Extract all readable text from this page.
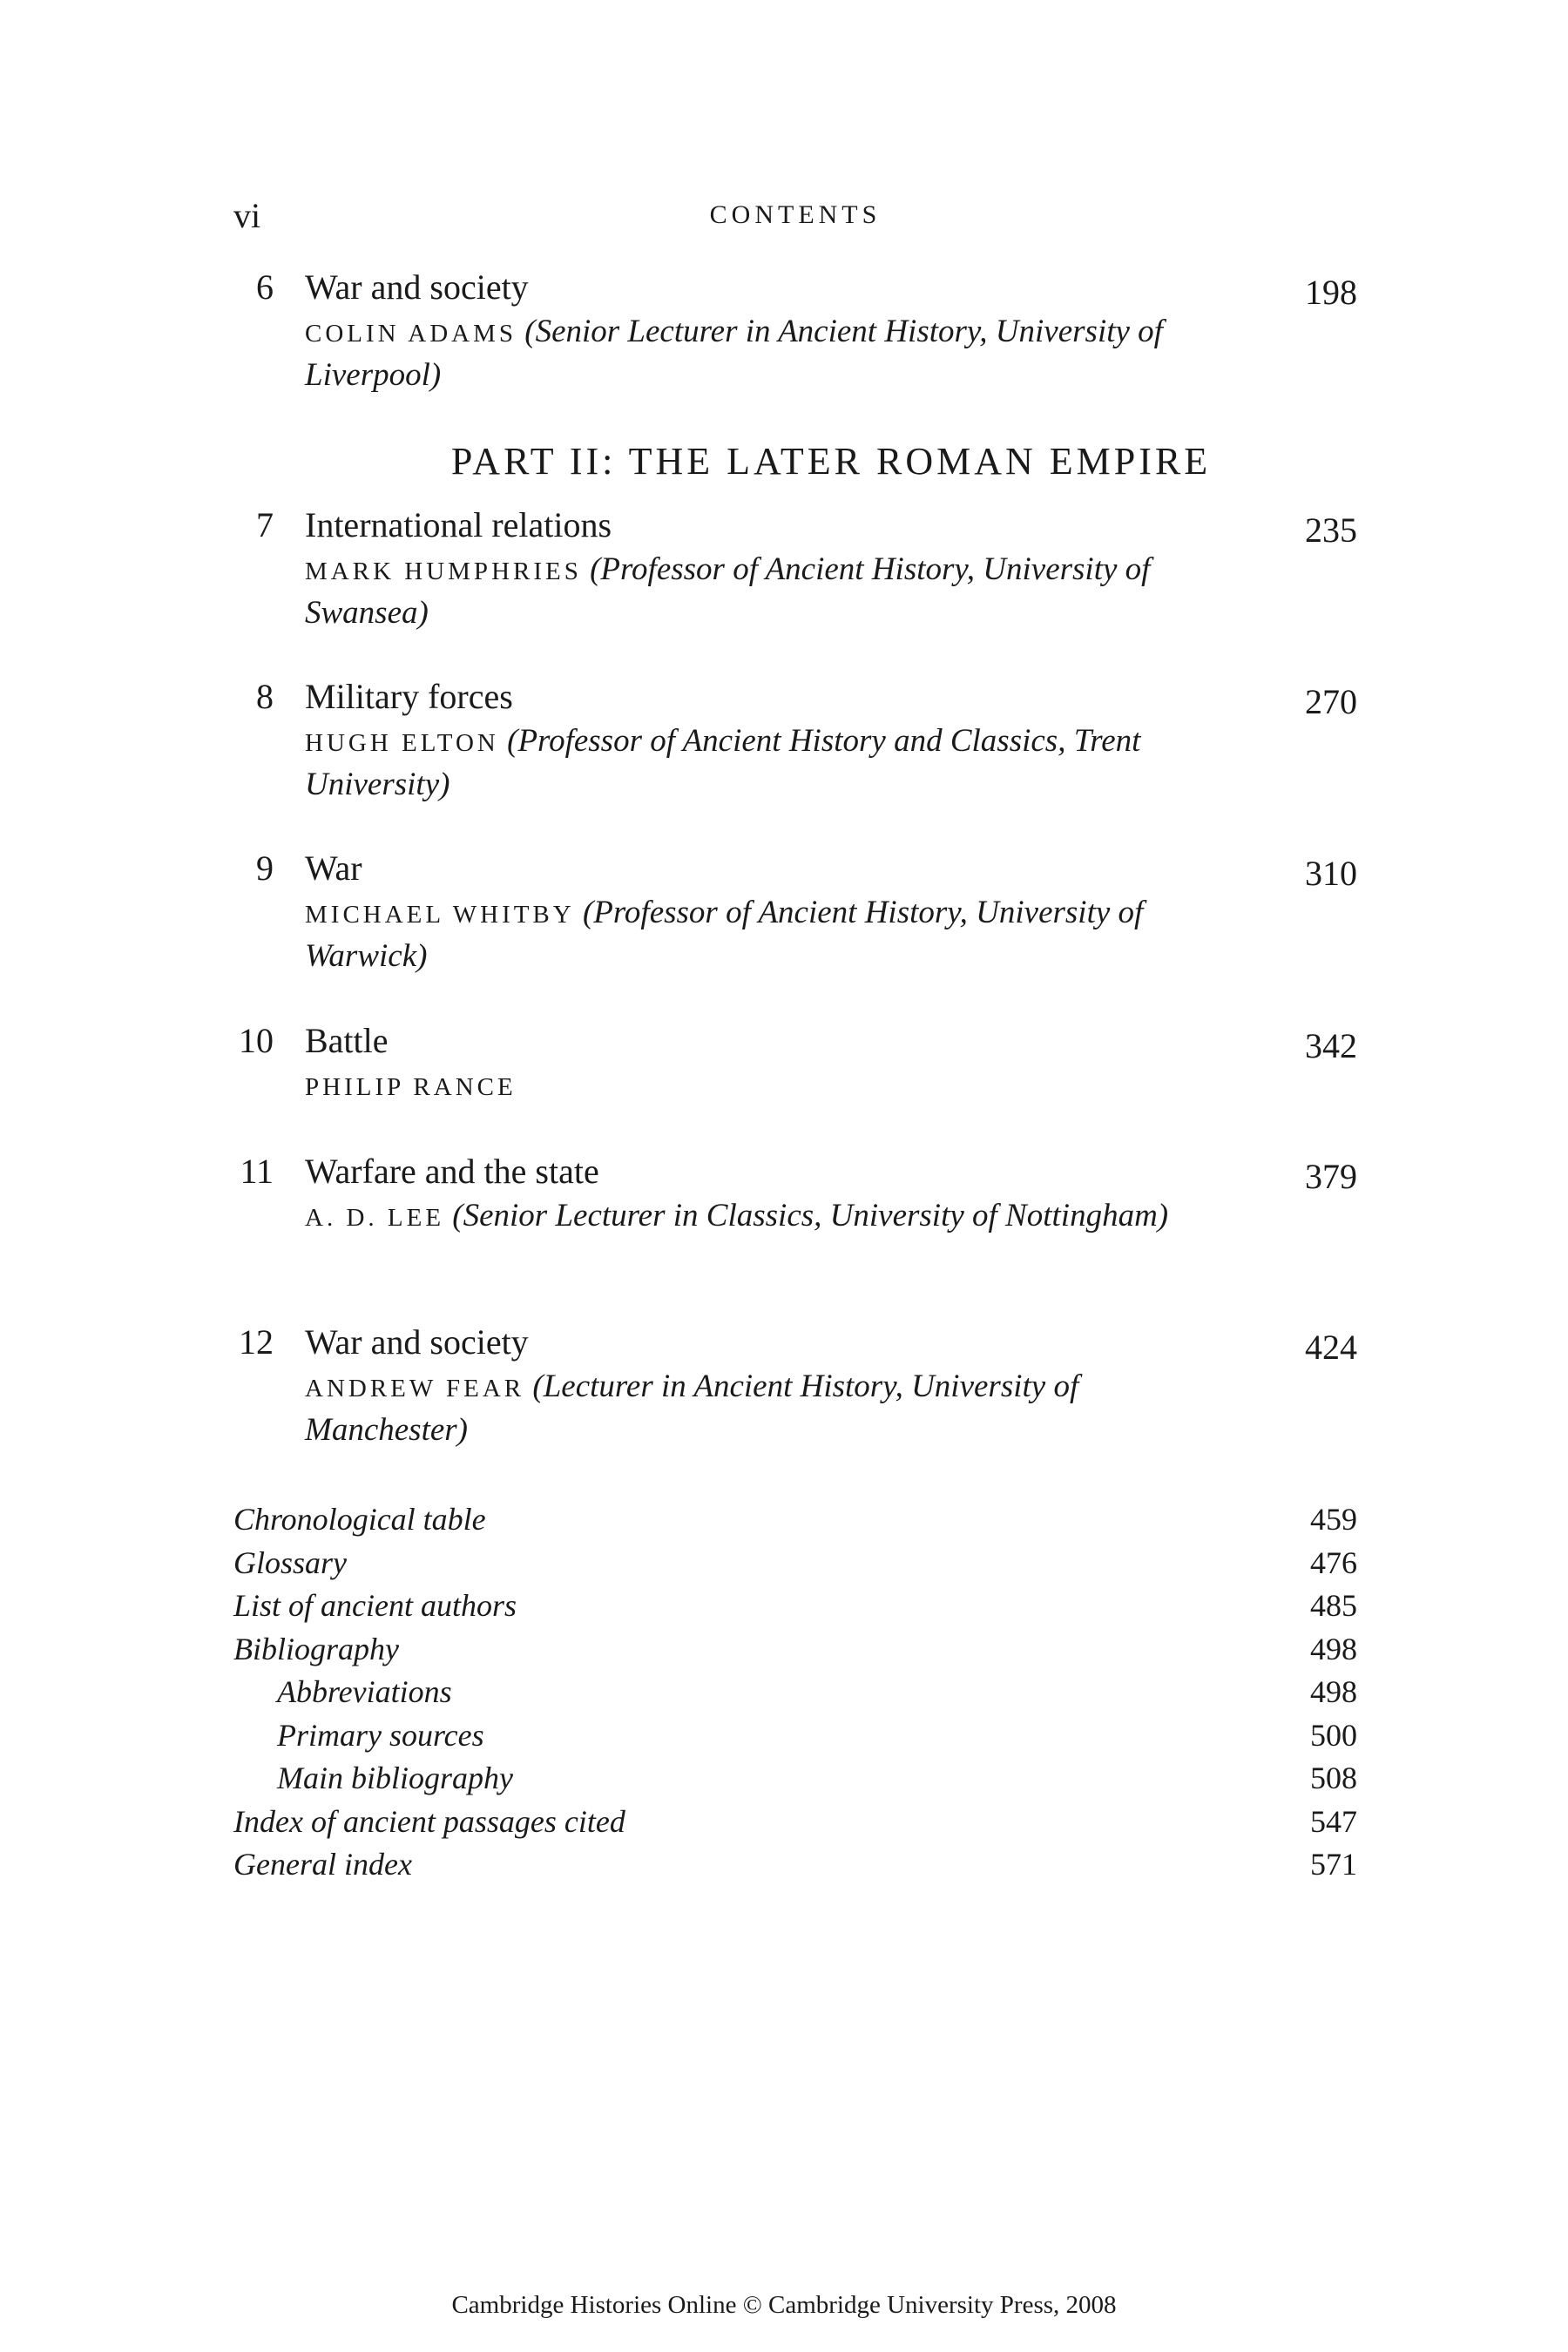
vi	CONTENTS
6 War and society	198
COLIN ADAMS (Senior Lecturer in Ancient History, University of Liverpool)
PART II: THE LATER ROMAN EMPIRE
7 International relations	235
MARK HUMPHRIES (Professor of Ancient History, University of Swansea)
8 Military forces	270
HUGH ELTON (Professor of Ancient History and Classics, Trent University)
9 War	310
MICHAEL WHITBY (Professor of Ancient History, University of Warwick)
10 Battle	342
PHILIP RANCE
11 Warfare and the state	379
A. D. LEE (Senior Lecturer in Classics, University of Nottingham)
12 War and society	424
ANDREW FEAR (Lecturer in Ancient History, University of Manchester)
Chronological table	459
Glossary	476
List of ancient authors	485
Bibliography	498
Abbreviations	498
Primary sources	500
Main bibliography	508
Index of ancient passages cited	547
General index	571
Cambridge Histories Online © Cambridge University Press, 2008
